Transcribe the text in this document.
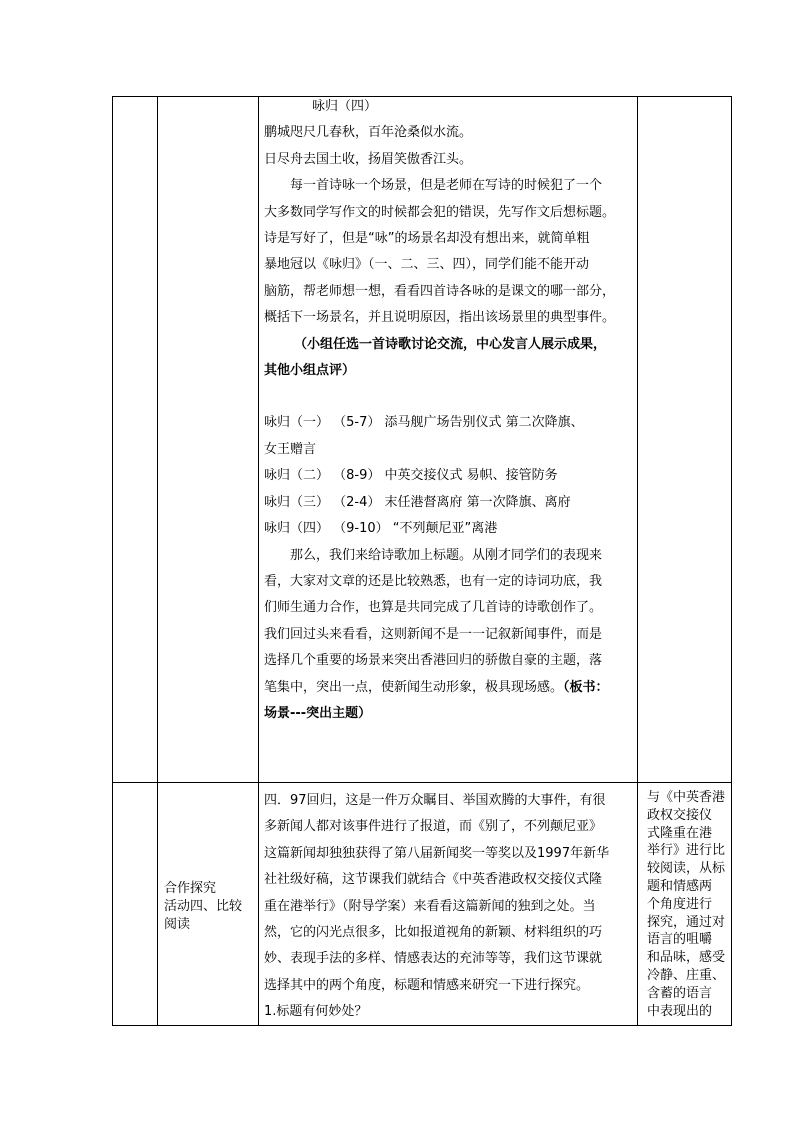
咏归（四）

鹏城咫尺几春秋，百年沧桑似水流。

日尽舟去国土收，扬眉笑傲香江头。

每一首诗咏一个场景，但是老师在写诗的时候犯了一个

大多数同学写作文的时候都会犯的错误，先写作文后想标题。

诗是写好了，但是“咏”的场景名却没有想出来，就简单粗

暴地冠以《咏归》（一、二、三、四），同学们能不能开动

脑筋，帮老师想一想，看看四首诗各咏的是课文的哪一部分，

概括下一场景名，并且说明原因，指出该场景里的典型事件。

（小组任选一首诗歌讨论交流，中心发言人展示成果，

其他小组点评）

咏归（一） （5-7） 添马舰广场告别仪式 第二次降旗、

女王赠言

咏归（二） （8-9） 中英交接仪式 易帜、接管防务

咏归（三） （2-4） 末任港督离府 第一次降旗、离府

咏归（四） （9-10） “不列颠尼亚”离港

那么，我们来给诗歌加上标题。从刚才同学们的表现来

看，大家对文章的还是比较熟悉，也有一定的诗词功底，我

们师生通力合作，也算是共同完成了几首诗的诗歌创作了。

我们回过头来看看，这则新闻不是一一记叙新闻事件，而是

选择几个重要的场景来突出香港回归的骄傲自豪的主题，落

笔集中，突出一点，使新闻生动形象，极具现场感。（板书：

场景---突出主题）

合作探究

活动四、比较

阅读

四．97回归，这是一件万众瞩目、举国欢腾的大事件，有很

多新闻人都对该事件进行了报道，而《别了，不列颠尼亚》

这篇新闻却独独获得了第八届新闻奖一等奖以及1997年新华

社社级好稿，这节课我们就结合《中英香港政权交接仪式隆

重在港举行》（附导学案）来看看这篇新闻的独到之处。当

然，它的闪光点很多，比如报道视角的新颖、材料组织的巧

妙、表现手法的多样、情感表达的充沛等等，我们这节课就

选择其中的两个角度，标题和情感来研究一下进行探究。

1.标题有何妙处？

与《中英香港

政权交接仪

式隆重在港

举行》进行比

较阅读，从标

题和情感两

个角度进行

探究，通过对

语言的咀嚼

和品味，感受

冷静、庄重、

含蓄的语言

中表现出的
